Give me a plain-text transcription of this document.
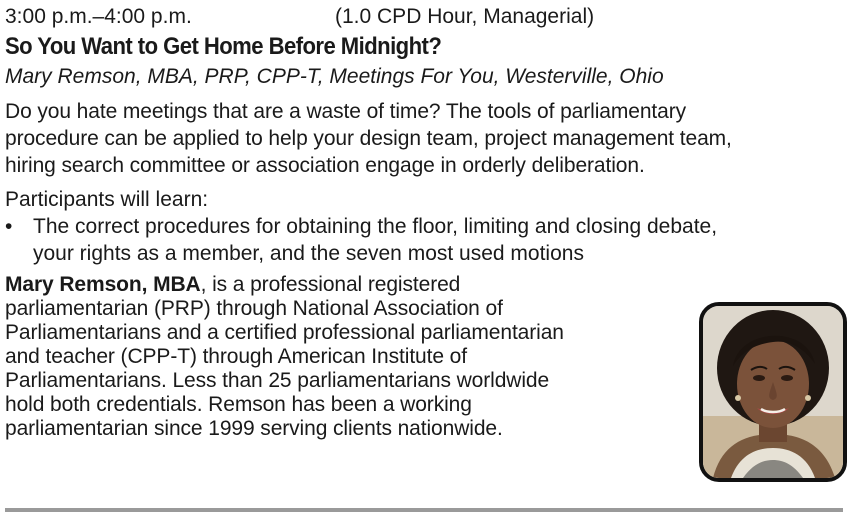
3:00 p.m.–4:00 p.m.	(1.0 CPD Hour, Managerial)
So You Want to Get Home Before Midnight?
Mary Remson, MBA, PRP, CPP-T, Meetings For You, Westerville, Ohio
Do you hate meetings that are a waste of time? The tools of parliamentary
procedure can be applied to help your design team, project management team,
hiring search committee or association engage in orderly deliberation.
Participants will learn:
• The correct procedures for obtaining the floor, limiting and closing debate,
your rights as a member, and the seven most used motions
Mary Remson, MBA, is a professional registered
parliamentarian (PRP) through National Association of
Parliamentarians and a certified professional parliamentarian
and teacher (CPP-T) through American Institute of
Parliamentarians. Less than 25 parliamentarians worldwide
hold both credentials. Remson has been a working
parliamentarian since 1999 serving clients nationwide.
